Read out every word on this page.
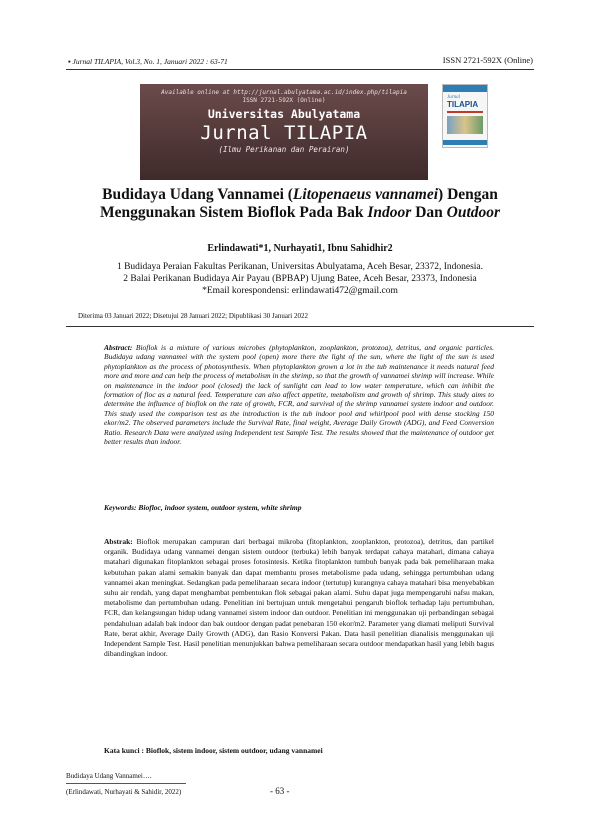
▪ Jurnal TILAPIA, Vol.3, No. 1, Januari 2022 : 63-71	ISSN 2721-592X (Online)
Available online at http://jurnal.abulyatama.ac.id/index.php/tilapia
ISSN 2721-592X (Online)
Universitas Abulyatama
Jurnal TILAPIA
(Ilmu Perikanan dan Perairan)
Jurnal
TILAPIA
Budidaya Udang Vannamei (Litopenaeus vannamei) Dengan
Menggunakan Sistem Bioflok Pada Bak Indoor Dan Outdoor
Erlindawati*1, Nurhayati1, Ibnu Sahidhir2
1 Budidaya Peraian Fakultas Perikanan, Universitas Abulyatama, Aceh Besar, 23372, Indonesia.
2 Balai Perikanan Budidaya Air Payau (BPBAP) Ujung Batee, Aceh Besar, 23373, Indonesia
*Email korespondensi: erlindawati472@gmail.com
Diterima 03 Januari 2022; Disetujui 28 Januari 2022; Dipublikasi 30 Januari 2022
Abstract: Bioflok is a mixture of various microbes (phytoplankton, zooplankton, protozoa), detritus, and organic particles. Budidaya udang vannamei with the system pool (open) more there the light of the sun, where the light of the sun is used phytoplankton as the process of photosynthesis. When phytoplankton grown a lot in the tub maintenance it needs natural feed more and more and can help the process of metabolism in the shrimp, so that the growth of vannamei shrimp will increase. While on maintenance in the indoor pool (closed) the lack of sunlight can lead to low water temperature, which can inhibit the formation of floc as a natural feed. Temperature can also affect appetite, metabolism and growth of shrimp. This study aims to determine the influence of bioflok on the rate of growth, FCR, and survival of the shrimp vannamei system indoor and outdoor. This study used the comparison test as the introduction is the tub indoor pool and whirlpool pool with dense stocking 150 ekor/m2. The observed parameters include the Survival Rate, final weight, Average Daily Growth (ADG), and Feed Conversion Ratio. Research Data were analyzed using Independent test Sample Test. The results showed that the maintenance of outdoor get better results than indoor.
Keywords: Biofloc, indoor system, outdoor system, white shrimp
Abstrak: Bioflok merupakan campuran dari berbagai mikroba (fitoplankton, zooplankton, protozoa), detritus, dan partikel organik. Budidaya udang vannamei dengan sistem outdoor (terbuka) lebih banyak terdapat cahaya matahari, dimana cahaya matahari digunakan fitoplankton sebagai proses fotosintesis. Ketika fitoplankton tumbuh banyak pada bak pemeliharaan maka kebutuhan pakan alami semakin banyak dan dapat membantu proses metabolisme pada udang, sehingga pertumbuhan udang vannamei akan meningkat. Sedangkan pada pemeliharaan secara indoor (tertutup) kurangnya cahaya matahari bisa menyebabkan suhu air rendah, yang dapat menghambat pembentukan flok sebagai pakan alami. Suhu dapat juga mempengaruhi nafsu makan, metabolisme dan pertumbuhan udang. Penelitian ini bertujuan untuk mengetahui pengaruh bioflok terhadap laju pertumbuhan, FCR, dan kelangsungan hidup udang vannamei sistem indoor dan outdoor. Penelitian ini menggunakan uji perbandingan sebagai pendahuluan adalah bak indoor dan bak outdoor dengan padat penebaran 150 ekor/m2. Parameter yang diamati meliputi Survival Rate, berat akhir, Average Daily Growth (ADG), dan Rasio Konversi Pakan. Data hasil penelitian dianalisis menggunakan uji Independent Sample Test. Hasil penelitian menunjukkan bahwa pemeliharaan secara outdoor mendapatkan hasil yang lebih bagus dibandingkan indoor.
Kata kunci : Bioflok, sistem indoor, sistem outdoor, udang vannamei
Budidaya Udang Vannamei….
(Erlindawati, Nurhayati & Sahidir, 2022)	- 63 -
